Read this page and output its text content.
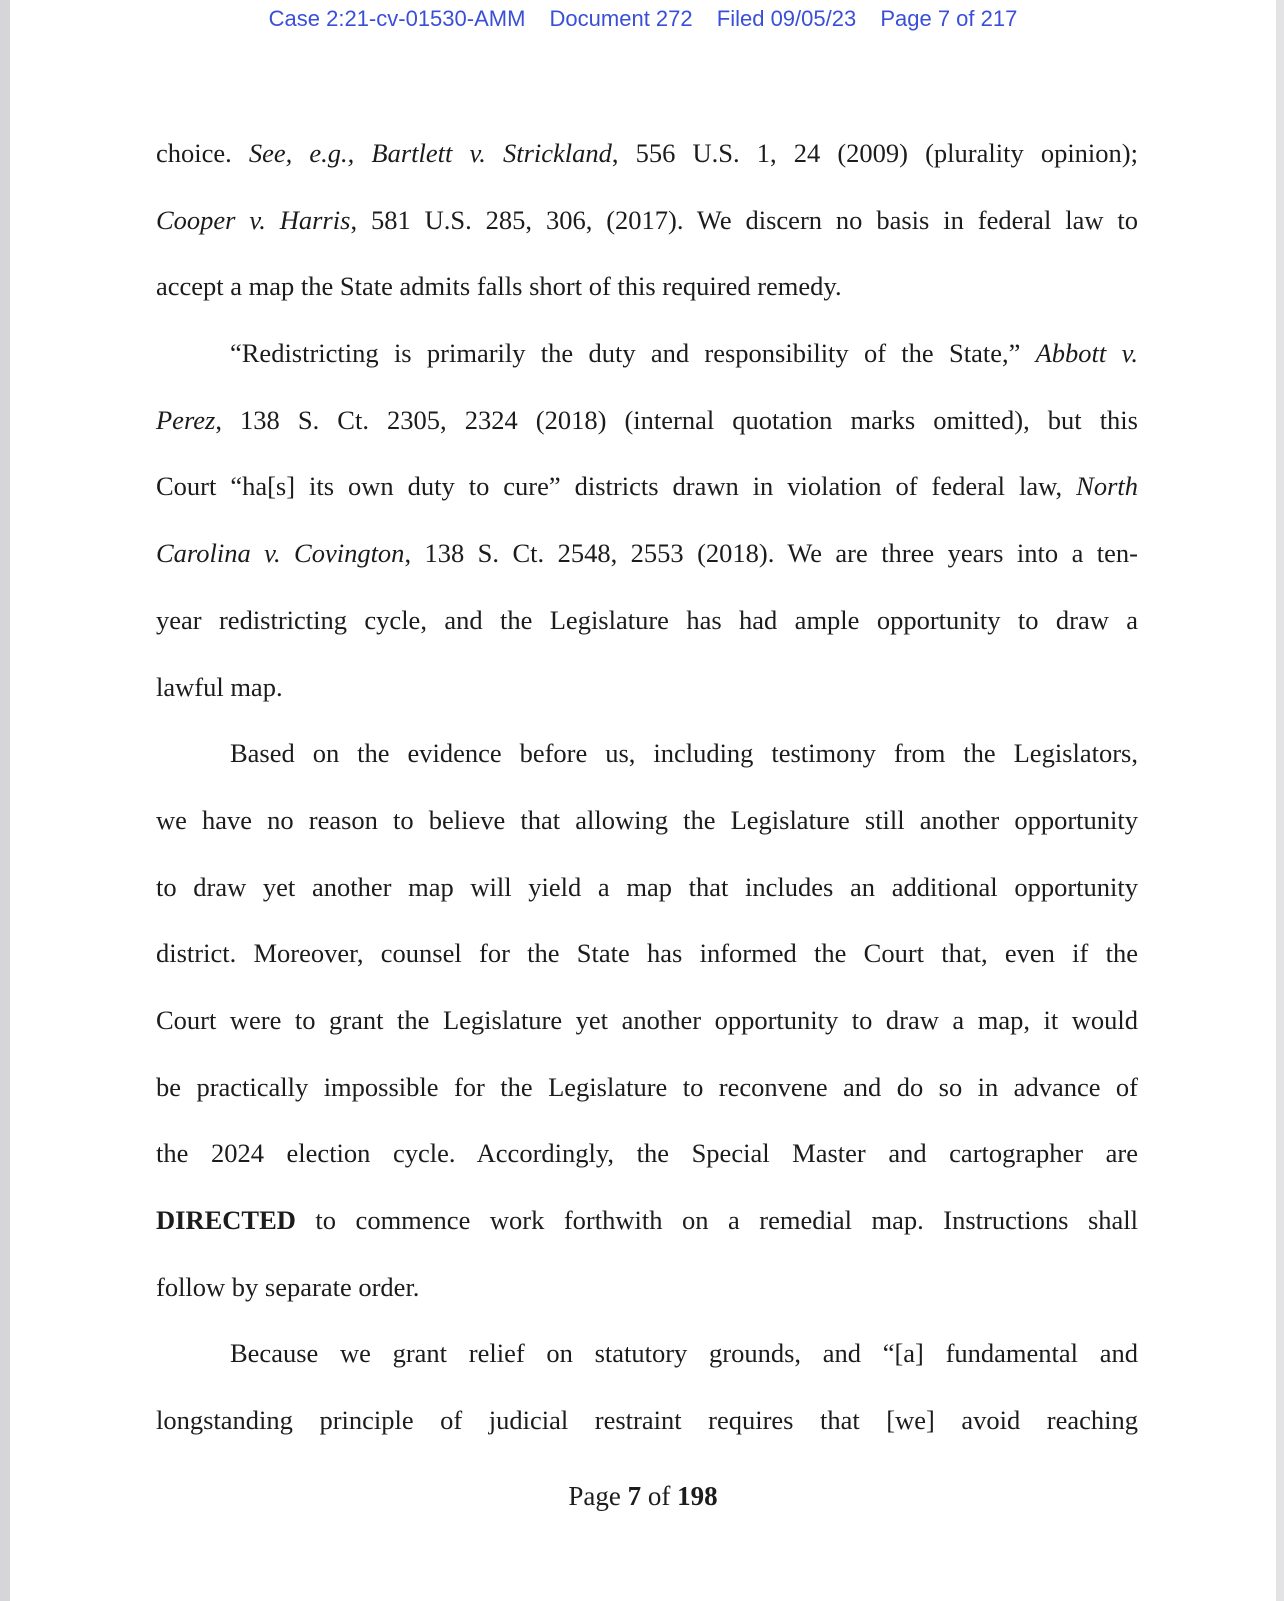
Case 2:21-cv-01530-AMM Document 272 Filed 09/05/23 Page 7 of 217
choice. See, e.g., Bartlett v. Strickland, 556 U.S. 1, 24 (2009) (plurality opinion);
Cooper v. Harris, 581 U.S. 285, 306, (2017). We discern no basis in federal law to
accept a map the State admits falls short of this required remedy.
“Redistricting is primarily the duty and responsibility of the State,” Abbott v.
Perez, 138 S. Ct. 2305, 2324 (2018) (internal quotation marks omitted), but this
Court “ha[s] its own duty to cure” districts drawn in violation of federal law, North
Carolina v. Covington, 138 S. Ct. 2548, 2553 (2018). We are three years into a ten-
year redistricting cycle, and the Legislature has had ample opportunity to draw a
lawful map.
Based on the evidence before us, including testimony from the Legislators,
we have no reason to believe that allowing the Legislature still another opportunity
to draw yet another map will yield a map that includes an additional opportunity
district. Moreover, counsel for the State has informed the Court that, even if the
Court were to grant the Legislature yet another opportunity to draw a map, it would
be practically impossible for the Legislature to reconvene and do so in advance of
the 2024 election cycle. Accordingly, the Special Master and cartographer are
DIRECTED to commence work forthwith on a remedial map. Instructions shall
follow by separate order.
Because we grant relief on statutory grounds, and “[a] fundamental and
longstanding principle of judicial restraint requires that [we] avoid reaching
Page 7 of 198
